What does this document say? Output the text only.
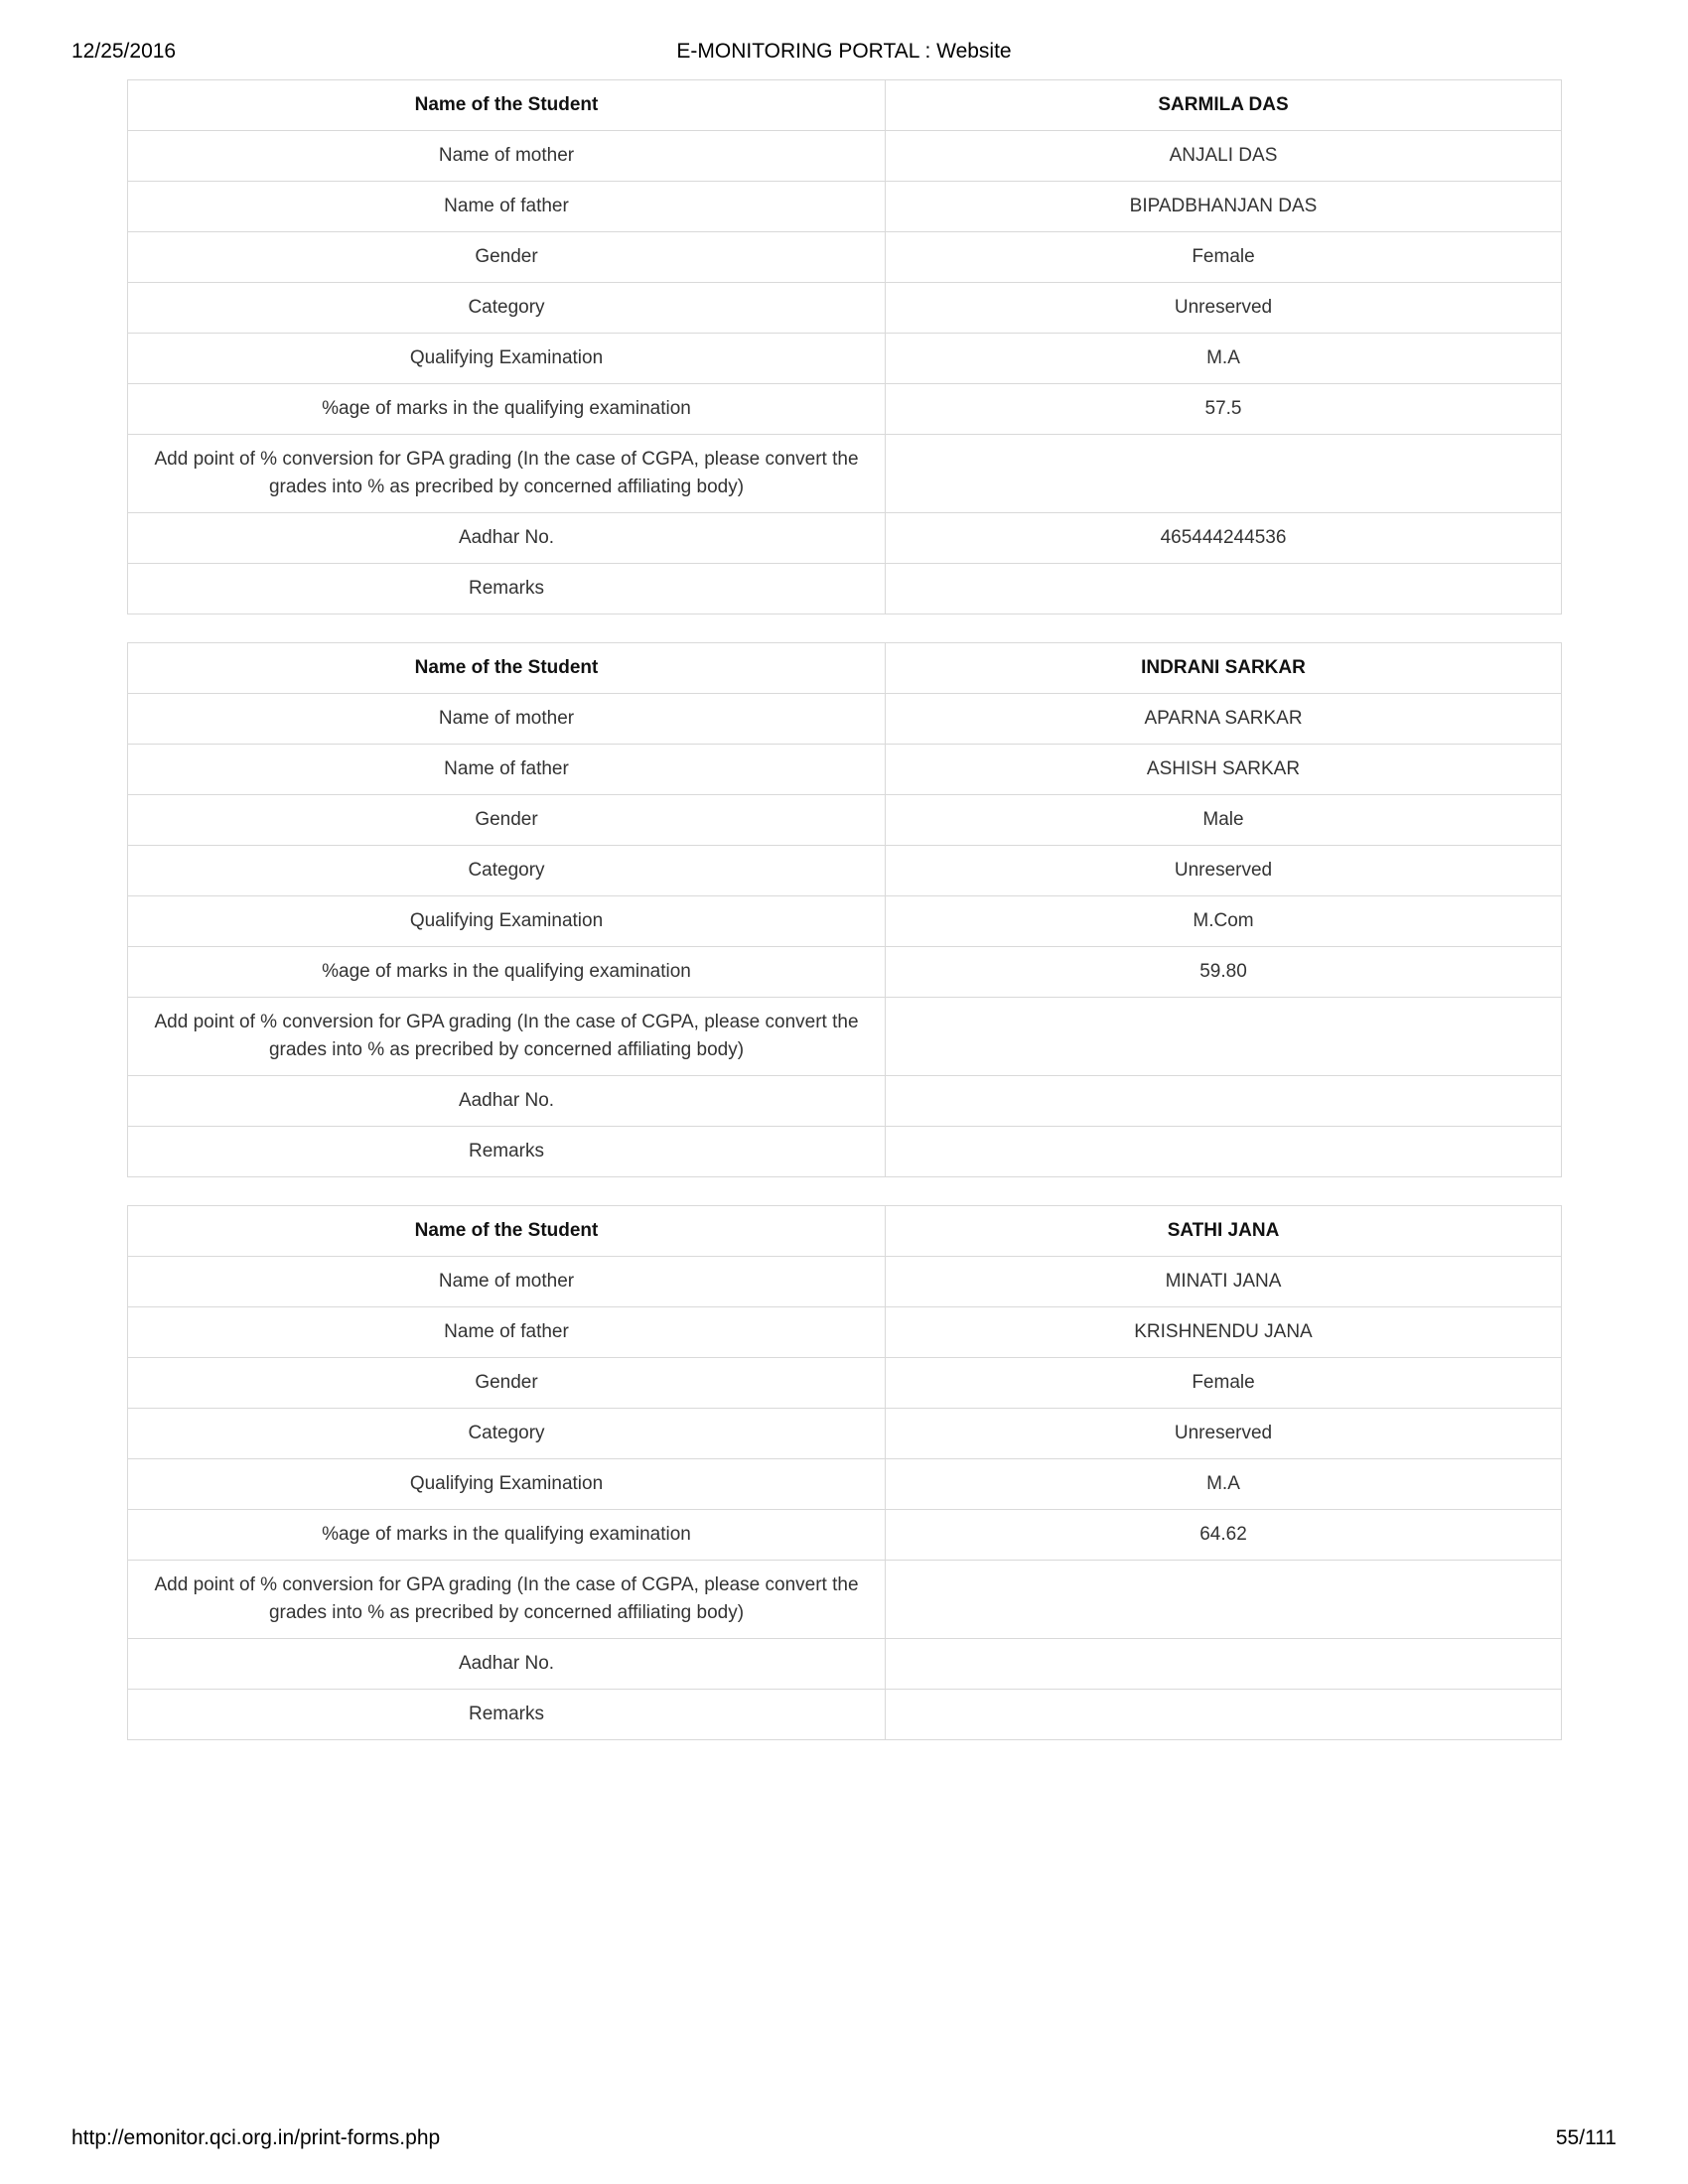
12/25/2016	E-MONITORING PORTAL : Website
Name of the Student	SARMILA DAS
Name of mother	ANJALI DAS
Name of father	BIPADBHANJAN DAS
Gender	Female
Category	Unreserved
Qualifying Examination	M.A
%age of marks in the qualifying examination	57.5
Add point of % conversion for GPA grading (In the case of CGPA, please convert the grades into % as precribed by concerned affiliating body)	
Aadhar No.	465444244536
Remarks	
Name of the Student	INDRANI SARKAR
Name of mother	APARNA SARKAR
Name of father	ASHISH SARKAR
Gender	Male
Category	Unreserved
Qualifying Examination	M.Com
%age of marks in the qualifying examination	59.80
Add point of % conversion for GPA grading (In the case of CGPA, please convert the grades into % as precribed by concerned affiliating body)	
Aadhar No.	
Remarks	
Name of the Student	SATHI JANA
Name of mother	MINATI JANA
Name of father	KRISHNENDU JANA
Gender	Female
Category	Unreserved
Qualifying Examination	M.A
%age of marks in the qualifying examination	64.62
Add point of % conversion for GPA grading (In the case of CGPA, please convert the grades into % as precribed by concerned affiliating body)	
Aadhar No.	
Remarks	
http://emonitor.qci.org.in/print-forms.php	55/111
